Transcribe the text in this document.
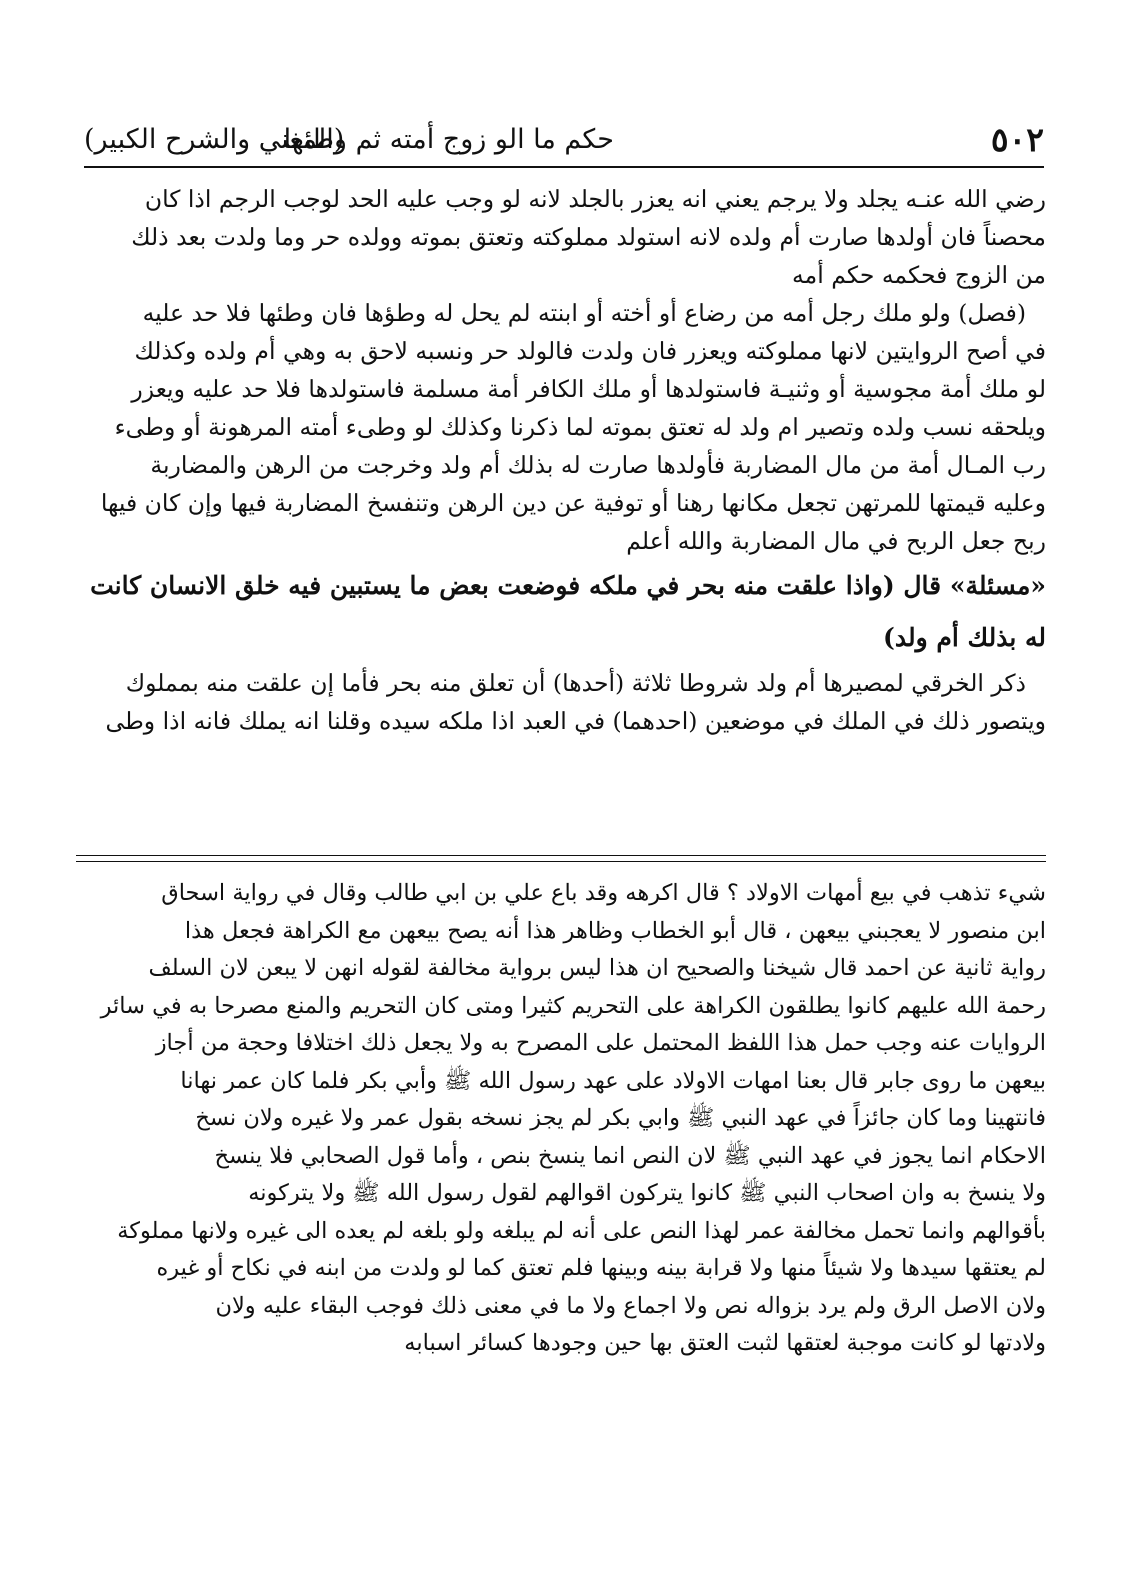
٥٠٢
حكم ما الو زوج أمته ثم وطئها
(المغني والشرح الكبير)
رضي الله عنـه يجلد ولا يرجم يعني انه يعزر بالجلد لانه لو وجب عليه الحد لوجب الرجم اذا كان
محصناً فان أولدها صارت أم ولده لانه استولد مملوكته وتعتق بموته وولده حر وما ولدت بعد ذلك
من الزوج فحكمه حكم أمه
(فصل) ولو ملك رجل أمه من رضاع أو أخته أو ابنته لم يحل له وطؤها فان وطئها فلا حد عليه
في أصح الروايتين لانها مملوكته ويعزر فان ولدت فالولد حر ونسبه لاحق به وهي أم ولده وكذلك
لو ملك أمة مجوسية أو وثنيـة فاستولدها أو ملك الكافر أمة مسلمة فاستولدها فلا حد عليه ويعزر
ويلحقه نسب ولده وتصير ام ولد له تعتق بموته لما ذكرنا وكذلك لو وطىء أمته المرهونة أو وطىء
رب المـال أمة من مال المضاربة فأولدها صارت له بذلك أم ولد وخرجت من الرهن والمضاربة
وعليه قيمتها للمرتهن تجعل مكانها رهنا أو توفية عن دين الرهن وتنفسخ المضاربة فيها وإن كان فيها
ربح جعل الربح في مال المضاربة والله أعلم
«مسئلة» قال (واذا علقت منه بحر في ملكه فوضعت بعض ما يستبين فيه خلق الانسان كانت
له بذلك أم ولد)
ذكر الخرقي لمصيرها أم ولد شروطا ثلاثة (أحدها) أن تعلق منه بحر فأما إن علقت منه بمملوك
ويتصور ذلك في الملك في موضعين (احدهما) في العبد اذا ملكه سيده وقلنا انه يملك فانه اذا وطى
شيء تذهب في بيع أمهات الاولاد ؟ قال اكرهه وقد باع علي بن ابي طالب وقال في رواية اسحاق
ابن منصور لا يعجبني بيعهن ، قال أبو الخطاب وظاهر هذا أنه يصح بيعهن مع الكراهة فجعل هذا
رواية ثانية عن احمد قال شيخنا والصحيح ان هذا ليس برواية مخالفة لقوله انهن لا يبعن لان السلف
رحمة الله عليهم كانوا يطلقون الكراهة على التحريم كثيرا ومتى كان التحريم والمنع مصرحا به في سائر
الروايات عنه وجب حمل هذا اللفظ المحتمل على المصرح به ولا يجعل ذلك اختلافا وحجة من أجاز
بيعهن ما روى جابر قال بعنا امهات الاولاد على عهد رسول الله ﷺ وأبي بكر فلما كان عمر نهانا
فانتهينا وما كان جائزاً في عهد النبي ﷺ وابي بكر لم يجز نسخه بقول عمر ولا غيره ولان نسخ
الاحكام انما يجوز في عهد النبي ﷺ لان النص انما ينسخ بنص ، وأما قول الصحابي فلا ينسخ
ولا ينسخ به وان اصحاب النبي ﷺ كانوا يتركون اقوالهم لقول رسول الله ﷺ ولا يتركونه
بأقوالهم وانما تحمل مخالفة عمر لهذا النص على أنه لم يبلغه ولو بلغه لم يعده الى غيره ولانها مملوكة
لم يعتقها سيدها ولا شيئاً منها ولا قرابة بينه وبينها فلم تعتق كما لو ولدت من ابنه في نكاح أو غيره
ولان الاصل الرق ولم يرد بزواله نص ولا اجماع ولا ما في معنى ذلك فوجب البقاء عليه ولان
ولادتها لو كانت موجبة لعتقها لثبت العتق بها حين وجودها كسائر اسبابه
